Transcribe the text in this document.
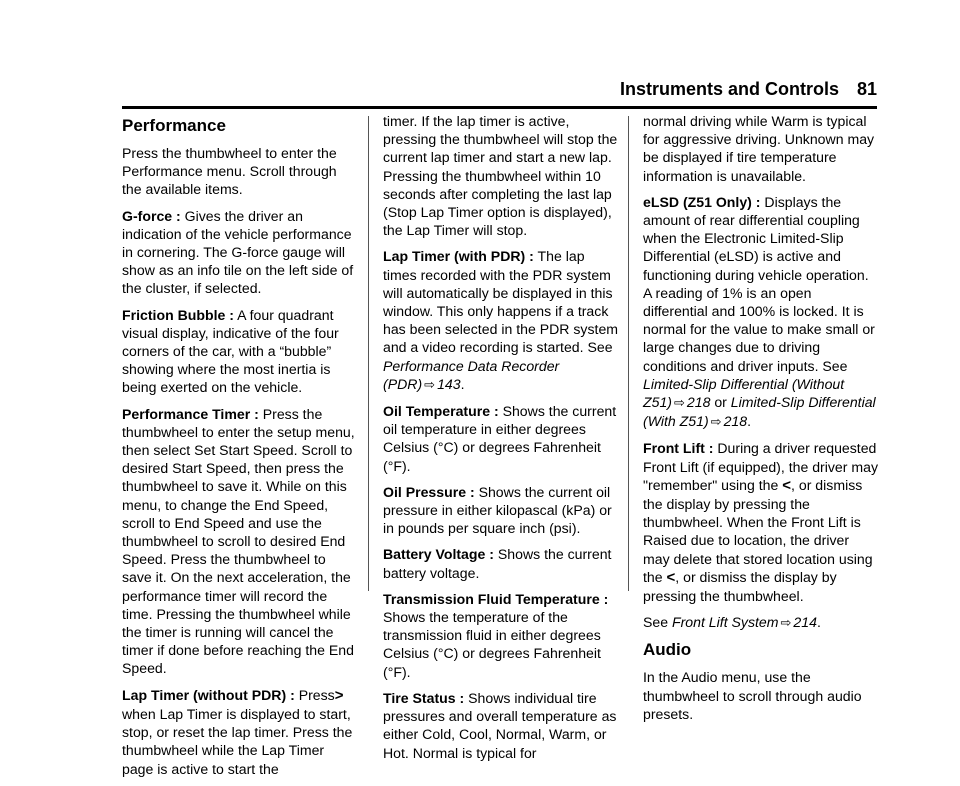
Instruments and Controls 81
Performance

Press the thumbwheel to enter the Performance menu. Scroll through the available items.

G-force : Gives the driver an indication of the vehicle performance in cornering. The G-force gauge will show as an info tile on the left side of the cluster, if selected.

Friction Bubble : A four quadrant visual display, indicative of the four corners of the car, with a “bubble” showing where the most inertia is being exerted on the vehicle.

Performance Timer : Press the thumbwheel to enter the setup menu, then select Set Start Speed. Scroll to desired Start Speed, then press the thumbwheel to save it. While on this menu, to change the End Speed, scroll to End Speed and use the thumbwheel to scroll to desired End Speed. Press the thumbwheel to save it. On the next acceleration, the performance timer will record the time. Pressing the thumbwheel while the timer is running will cancel the timer if done before reaching the End Speed.

Lap Timer (without PDR) : Press> when Lap Timer is displayed to start, stop, or reset the lap timer. Press the thumbwheel while the Lap Timer page is active to start the

timer. If the lap timer is active, pressing the thumbwheel will stop the current lap timer and start a new lap. Pressing the thumbwheel within 10 seconds after completing the last lap (Stop Lap Timer option is displayed), the Lap Timer will stop.

Lap Timer (with PDR) : The lap times recorded with the PDR system will automatically be displayed in this window. This only happens if a track has been selected in the PDR system and a video recording is started. See Performance Data Recorder (PDR) ⇨ 143.

Oil Temperature : Shows the current oil temperature in either degrees Celsius (°C) or degrees Fahrenheit (°F).

Oil Pressure : Shows the current oil pressure in either kilopascal (kPa) or in pounds per square inch (psi).

Battery Voltage : Shows the current battery voltage.

Transmission Fluid Temperature : Shows the temperature of the transmission fluid in either degrees Celsius (°C) or degrees Fahrenheit (°F).

Tire Status : Shows individual tire pressures and overall temperature as either Cold, Cool, Normal, Warm, or Hot. Normal is typical for

normal driving while Warm is typical for aggressive driving. Unknown may be displayed if tire temperature information is unavailable.

eLSD (Z51 Only) : Displays the amount of rear differential coupling when the Electronic Limited-Slip Differential (eLSD) is active and functioning during vehicle operation.

A reading of 1% is an open differential and 100% is locked. It is normal for the value to make small or large changes due to driving conditions and driver inputs. See Limited-Slip Differential (Without Z51) ⇨ 218 or Limited-Slip Differential (With Z51) ⇨ 218.

Front Lift : During a driver requested Front Lift (if equipped), the driver may "remember" using the <, or dismiss the display by pressing the thumbwheel. When the Front Lift is Raised due to location, the driver may delete that stored location using the <, or dismiss the display by pressing the thumbwheel.

See Front Lift System ⇨ 214.

Audio

In the Audio menu, use the thumbwheel to scroll through audio presets.
